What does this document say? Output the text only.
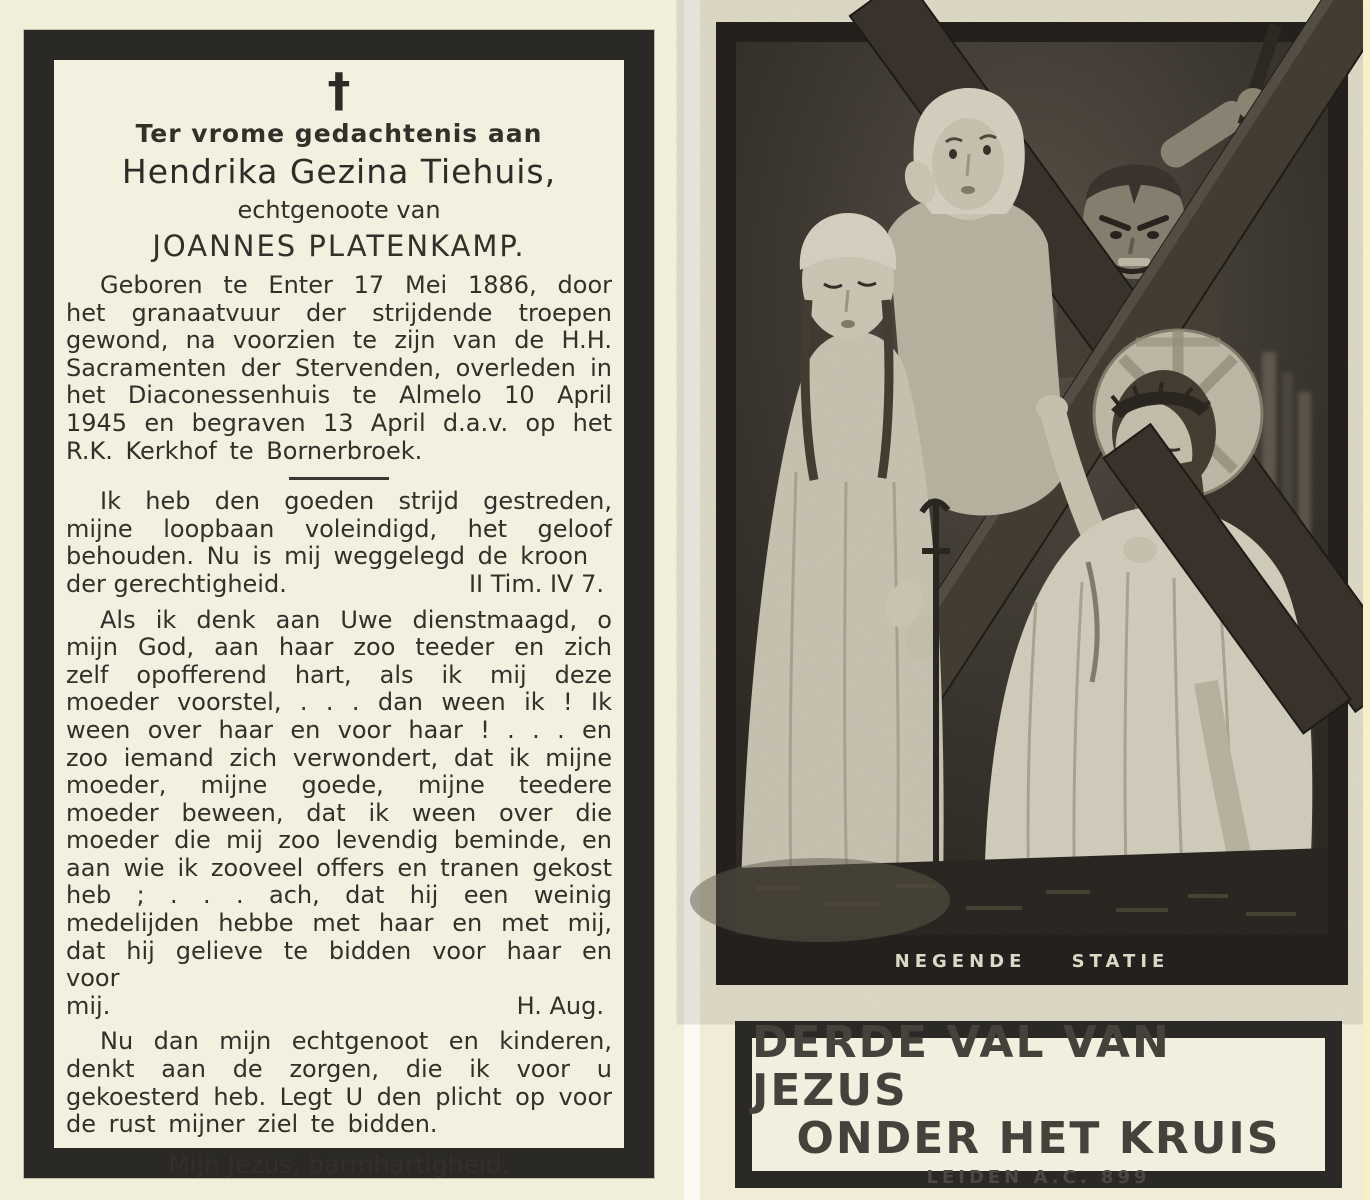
†
Ter vrome gedachtenis aan
Hendrika Gezina Tiehuis,
echtgenoote van
JOANNES PLATENKAMP.
Geboren te Enter 17 Mei 1886, door het granaatvuur der strijdende troepen gewond, na voorzien te zijn van de H.H. Sacramenten der Stervenden, overleden in het Diaconessenhuis te Almelo 10 April 1945 en begraven 13 April d.a.v. op het R.K. Kerkhof te Bornerbroek.
Ik heb den goeden strijd gestreden, mijne loopbaan voleindigd, het geloof behouden. Nu is mij weggelegd de kroon
der gerechtigheid.	II Tim. IV 7.
Als ik denk aan Uwe dienstmaagd, o mijn God, aan haar zoo teeder en zich zelf opofferend hart, als ik mij deze moeder voorstel, . . . dan ween ik ! Ik ween over haar en voor haar ! . . . en zoo iemand zich verwondert, dat ik mijne moeder, mijne goede, mijne teedere moeder beween, dat ik ween over die moeder die mij zoo levendig beminde, en aan wie ik zooveel offers en tranen gekost heb ; . . . ach, dat hij een weinig medelijden hebbe met haar en met mij, dat hij gelieve te bidden voor haar en voor
mij.	H. Aug.
Nu dan mijn echtgenoot en kinderen, denkt aan de zorgen, die ik voor u gekoesterd heb. Legt U den plicht op voor de rust mijner ziel te bidden.
Mijn Jezus, barmhartigheid.
NEGENDE STATIE
DERDE VAL VAN JEZUS
ONDER HET KRUIS
LEIDEN A.C. 899
